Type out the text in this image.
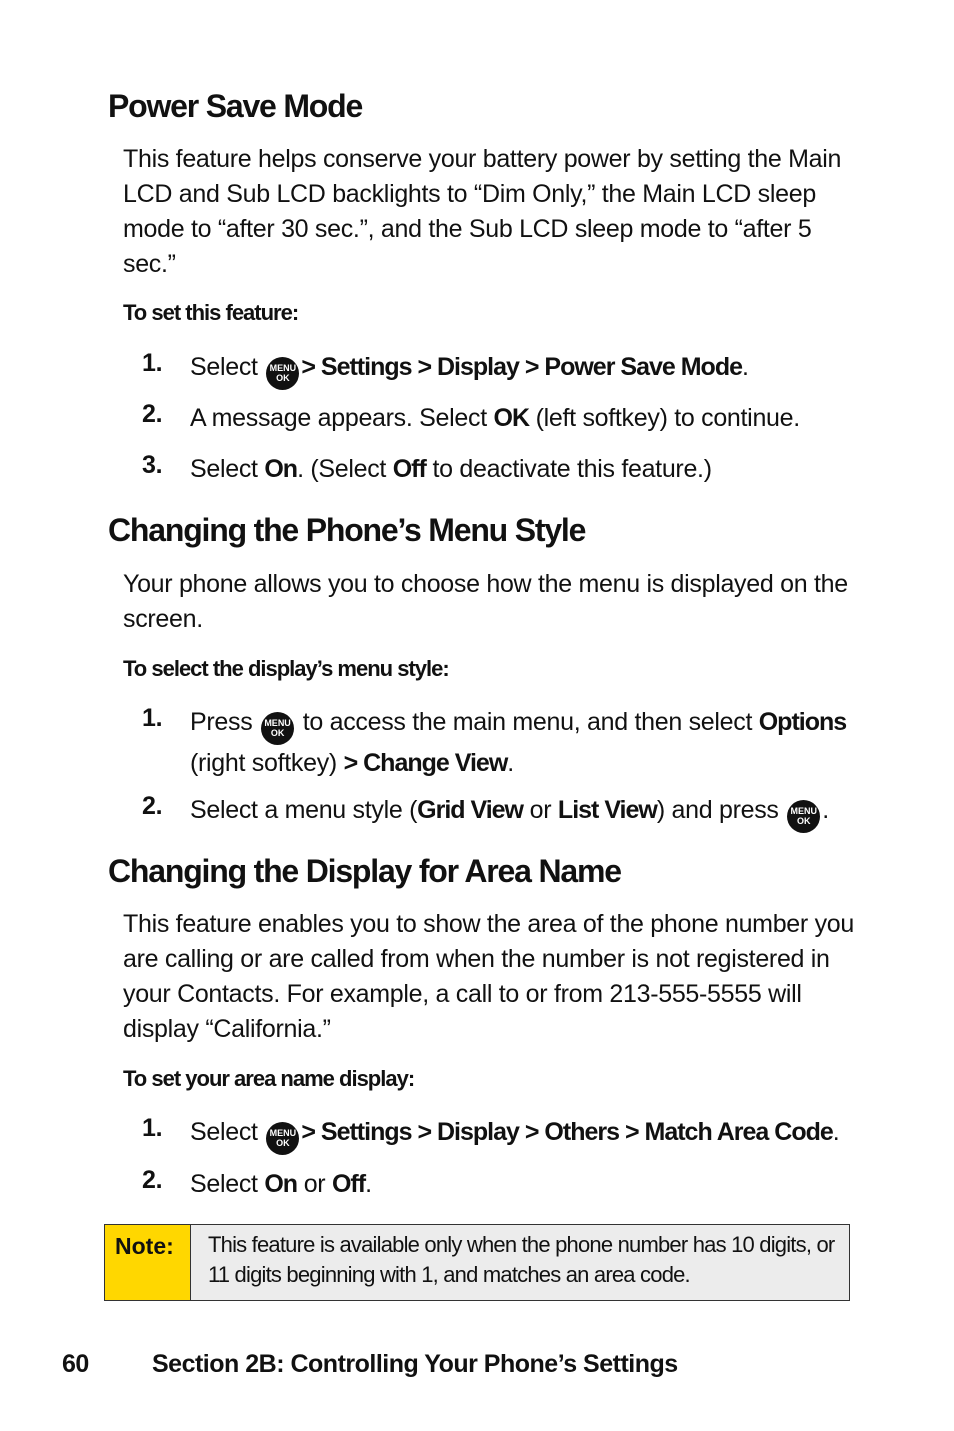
Power Save Mode

This feature helps conserve your battery power by setting the Main LCD and Sub LCD backlights to “Dim Only,” the Main LCD sleep mode to “after 30 sec.”, and the Sub LCD sleep mode to “after 5 sec.”

To set this feature:

1.	Select MENU
OK > Settings > Display > Power Save Mode.
2.	A message appears. Select OK (left softkey) to continue.
3.	Select On. (Select Off to deactivate this feature.)
Changing the Phone’s Menu Style

Your phone allows you to choose how the menu is displayed on the screen.

To select the display’s menu style:

1.	Press MENU
OK to access the main menu, and then select Options (right softkey) > Change View.
2.	Select a menu style (Grid View or List View) and press MENU
OK .
Changing the Display for Area Name

This feature enables you to show the area of the phone number you are calling or are called from when the number is not registered in your Contacts. For example, a call to or from 213-555-5555 will display “California.”

To set your area name display:

1.	Select MENU
OK > Settings > Display > Others > Match Area Code.
2.	Select On or Off.
Note:	This feature is available only when the phone number has 10 digits, or 11 digits beginning with 1, and matches an area code.
60	Section 2B: Controlling Your Phone’s Settings
